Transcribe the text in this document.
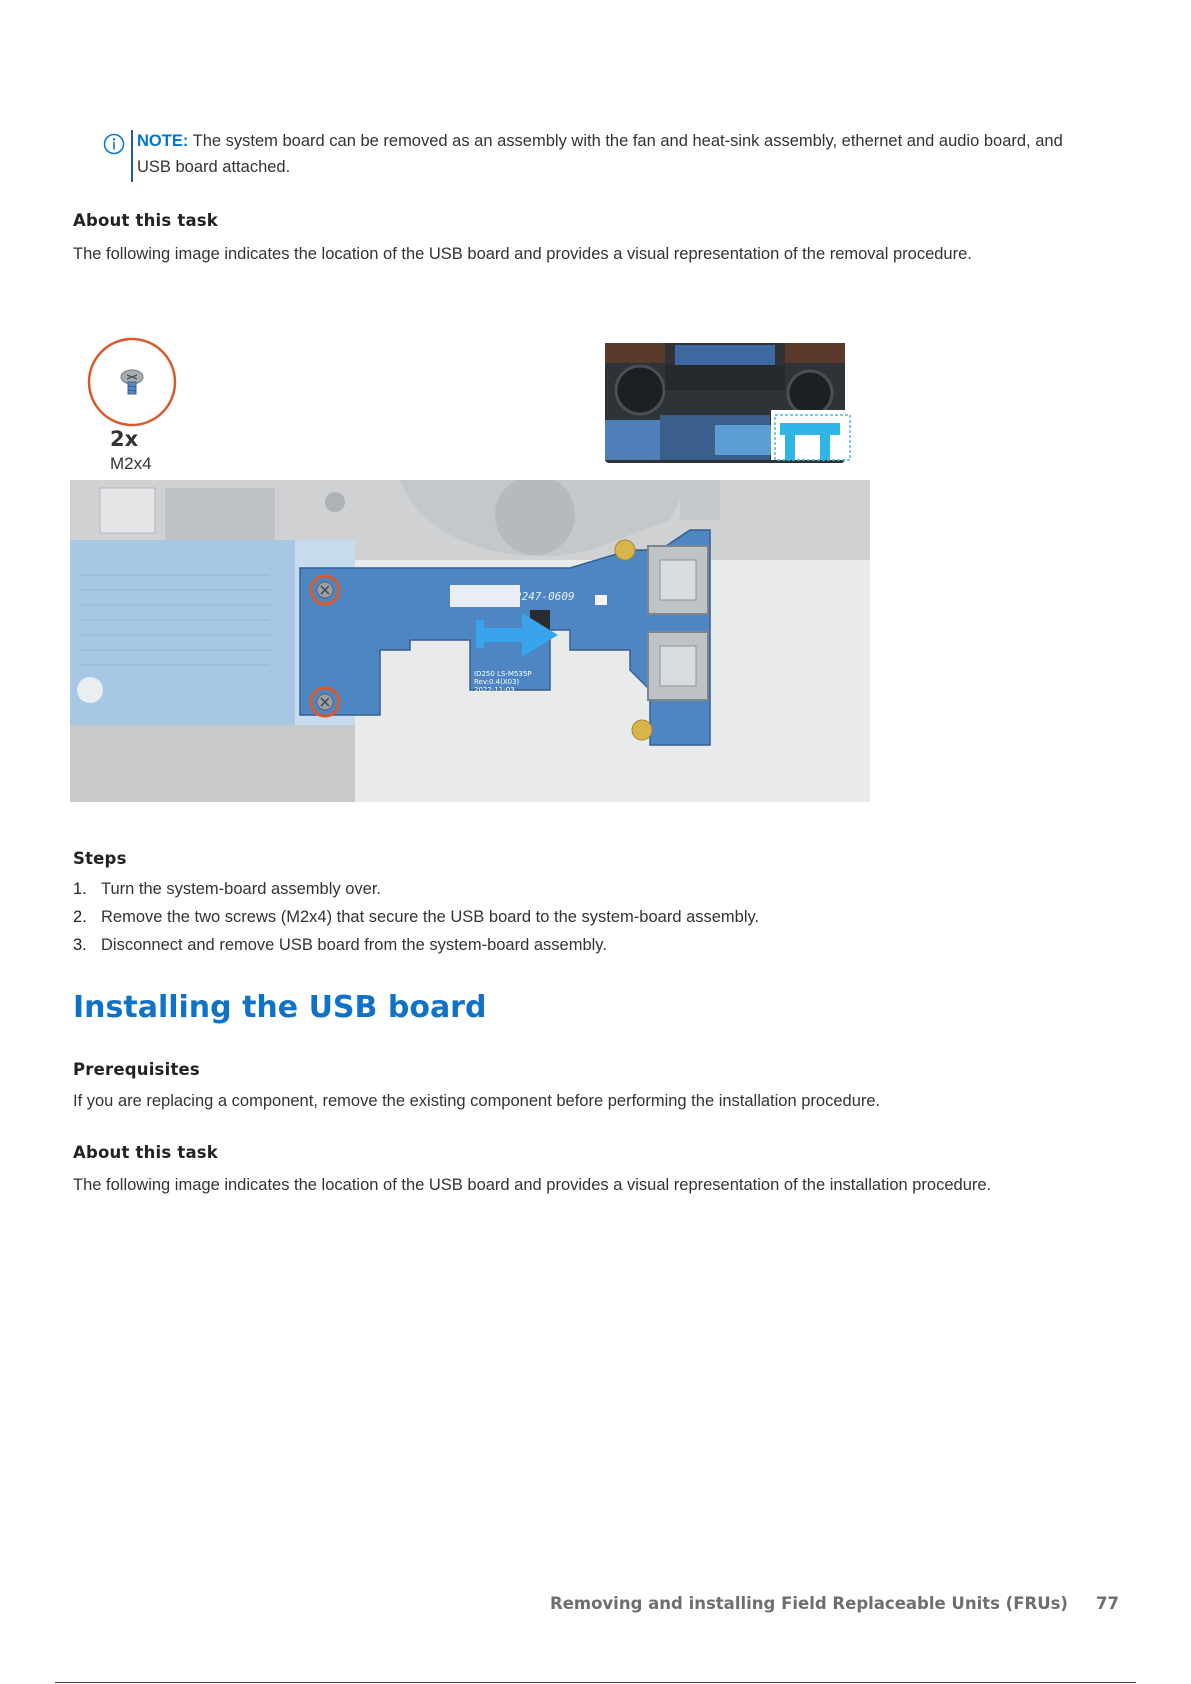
NOTE: The system board can be removed as an assembly with the fan and heat-sink assembly, ethernet and audio board, and USB board attached.
About this task

The following image indicates the location of the USB board and provides a visual representation of the removal procedure.

2x
M2x4
2247-0609
ID250 LS-M535P
Rev:0.4(X03)
2022-11-03
Steps
1. Turn the system-board assembly over.
2. Remove the two screws (M2x4) that secure the USB board to the system-board assembly.
3. Disconnect and remove USB board from the system-board assembly.
Installing the USB board
Prerequisites

If you are replacing a component, remove the existing component before performing the installation procedure.

About this task

The following image indicates the location of the USB board and provides a visual representation of the installation procedure.

Removing and installing Field Replaceable Units (FRUs) 77
